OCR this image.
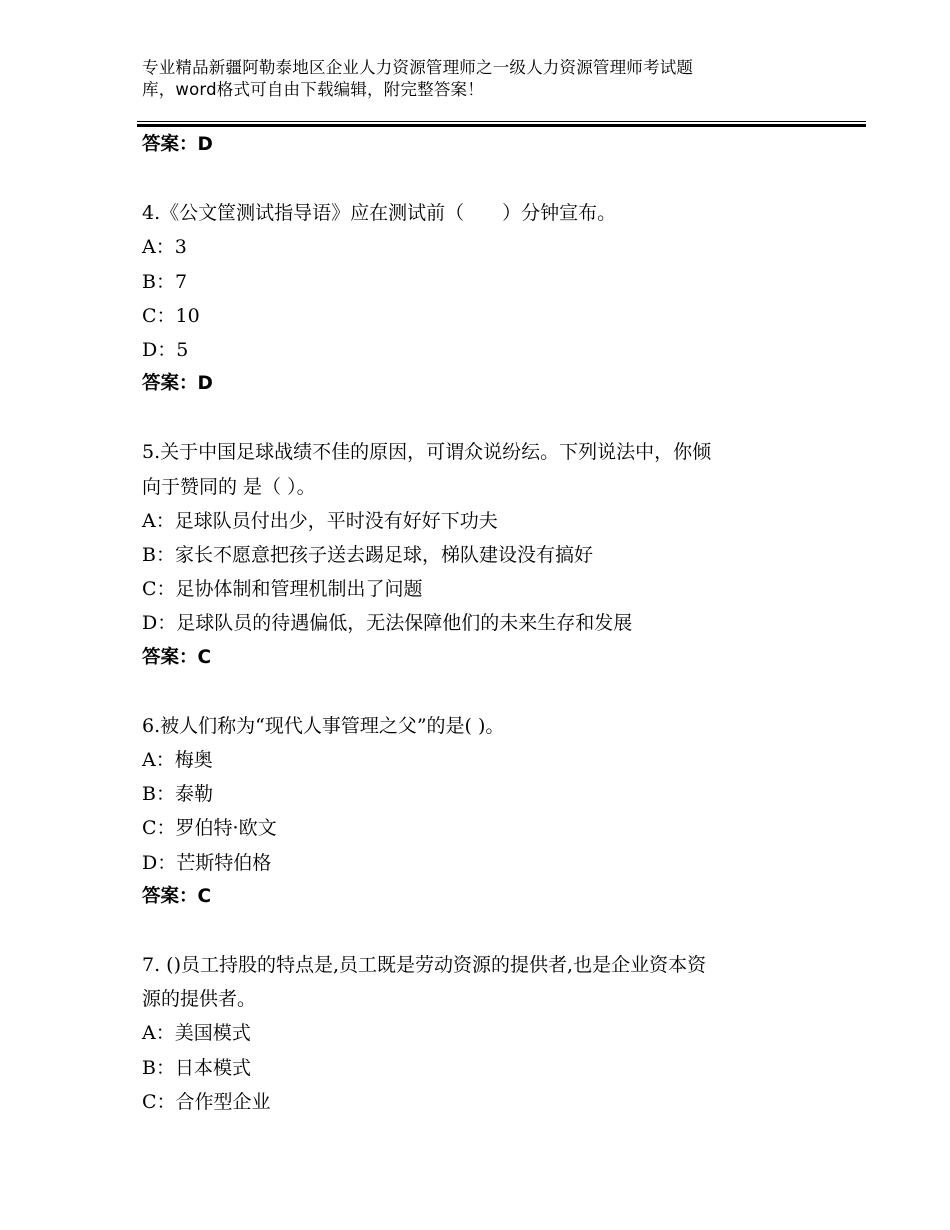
专业精品新疆阿勒泰地区企业人力资源管理师之一级人力资源管理师考试题
库，word格式可自由下载编辑，附完整答案！
答案：D
4.《公文筐测试指导语》应在测试前（　　）分钟宣布。
A：3
B：7
C：10
D：5
答案：D
5.关于中国足球战绩不佳的原因，可谓众说纷纭。下列说法中，你倾
向于赞同的 是（ ）。
A：足球队员付出少，平时没有好好下功夫
B：家长不愿意把孩子送去踢足球，梯队建设没有搞好
C：足协体制和管理机制出了问题
D：足球队员的待遇偏低，无法保障他们的未来生存和发展
答案：C
6.被人们称为“现代人事管理之父”的是( )。
A：梅奥
B：泰勒
C：罗伯特·欧文
D：芒斯特伯格
答案：C
7. ()员工持股的特点是,员工既是劳动资源的提供者,也是企业资本资
源的提供者。
A：美国模式
B：日本模式
C：合作型企业
